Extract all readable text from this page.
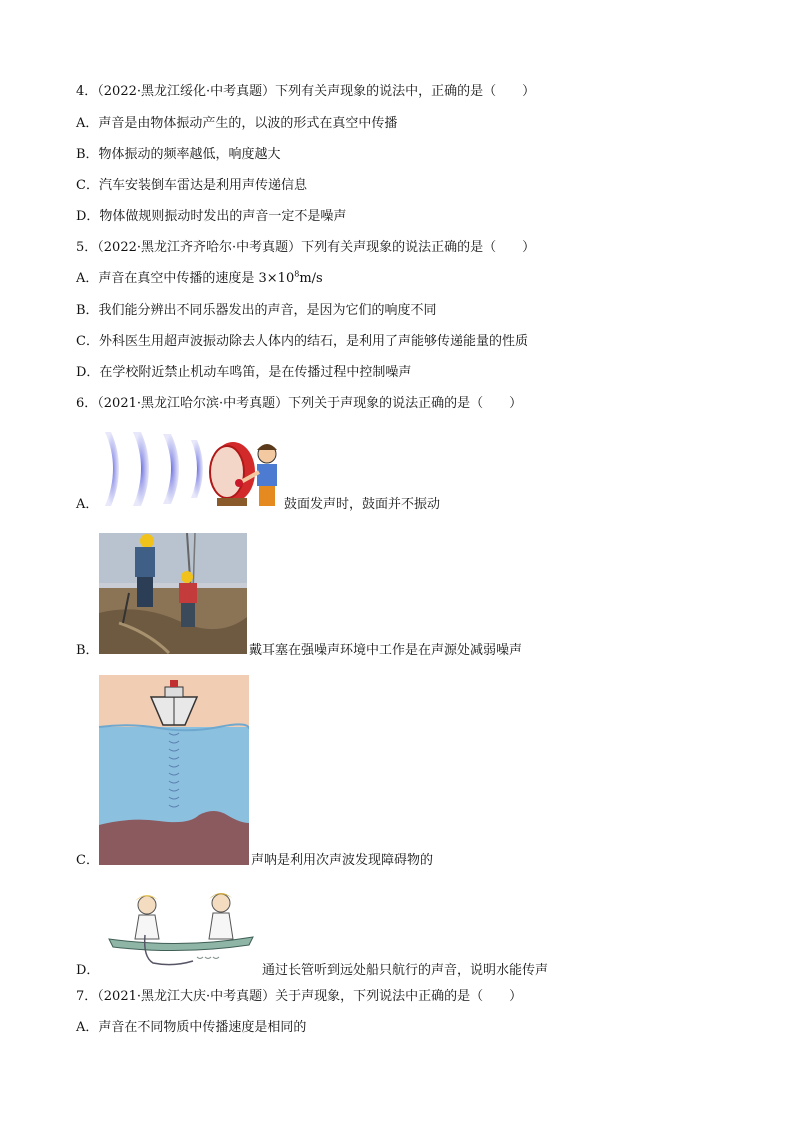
4．（2022·黑龙江绥化·中考真题）下列有关声现象的说法中，正确的是（　　）
A．声音是由物体振动产生的，以波的形式在真空中传播
B．物体振动的频率越低，响度越大
C．汽车安装倒车雷达是利用声传递信息
D．物体做规则振动时发出的声音一定不是噪声
5．（2022·黑龙江齐齐哈尔·中考真题）下列有关声现象的说法正确的是（　　）
A．声音在真空中传播的速度是 $3\times 10^8m/s$
B．我们能分辨出不同乐器发出的声音，是因为它们的响度不同
C．外科医生用超声波振动除去人体内的结石，是利用了声能够传递能量的性质
D．在学校附近禁止机动车鸣笛，是在传播过程中控制噪声
6．（2021·黑龙江哈尔滨·中考真题）下列关于声现象的说法正确的是（　　）
A．	鼓面发声时，鼓面并不振动
B．	戴耳塞在强噪声环境中工作是在声源处减弱噪声
C．	声呐是利用次声波发现障碍物的
D．	通过长管听到远处船只航行的声音，说明水能传声
7．（2021·黑龙江大庆·中考真题）关于声现象，下列说法中正确的是（　　）
A．声音在不同物质中传播速度是相同的
